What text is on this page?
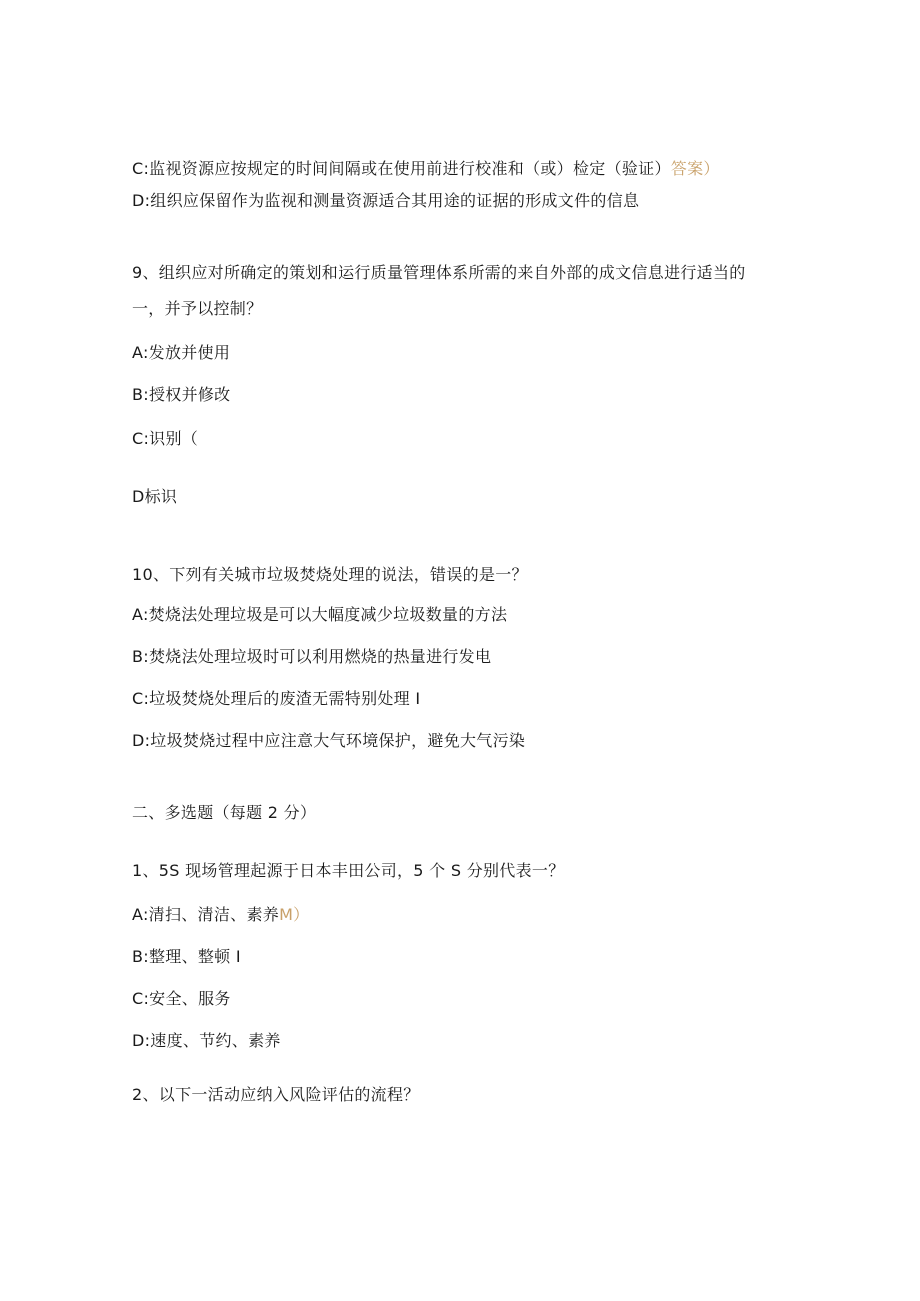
C:监视资源应按规定的时间间隔或在使用前进行校准和（或）检定（验证）答案）
D:组织应保留作为监视和测量资源适合其用途的证据的形成文件的信息
9、组织应对所确定的策划和运行质量管理体系所需的来自外部的成文信息进行适当的
一，并予以控制？
A:发放并使用
B:授权并修改
C:识别（
D标识
10、下列有关城市垃圾焚烧处理的说法，错误的是一？
A:焚烧法处理垃圾是可以大幅度减少垃圾数量的方法
B:焚烧法处理垃圾时可以利用燃烧的热量进行发电
C:垃圾焚烧处理后的废渣无需特别处理 I
D:垃圾焚烧过程中应注意大气环境保护，避免大气污染
二、多选题（每题 2 分）
1、5S 现场管理起源于日本丰田公司，5 个 S 分别代表一？
A:清扫、清洁、素养M）
B:整理、整顿 I
C:安全、服务
D:速度、节约、素养
2、以下一活动应纳入风险评估的流程？
